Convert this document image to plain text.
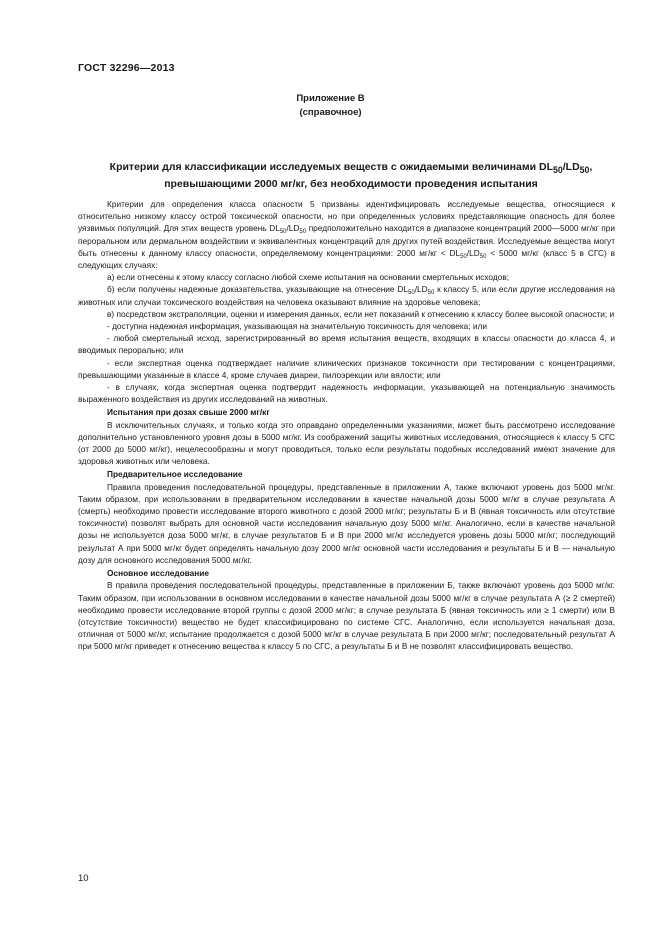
ГОСТ 32296—2013
Приложение В
(справочное)
Критерии для классификации исследуемых веществ с ожидаемыми величинами $DL_{50}/LD_{50}$, превышающими 2000 мг/кг, без необходимости проведения испытания

Критерии для определения класса опасности 5 призваны идентифицировать исследуемые вещества, относящиеся к относительно низкому классу острой токсической опасности, но при определенных условиях представляющие опасность для более уязвимых популяций. Для этих веществ уровень $DL_{50}/LD_{50}$ предположительно находится в диапазоне концентраций 2000—5000 мг/кг при пероральном или дермальном воздействии и эквивалентных концентраций для других путей воздействия. Исследуемые вещества могут быть отнесены к данному классу опасности, определяемому концентрациями: 2000 $мг/кг < DL_{50}/LD_{50} < 5000$ мг/кг (класс 5 в СГС) в следующих случаях:

а) если отнесены к этому классу согласно любой схеме испытания на основании смертельных исходов;

б) если получены надежные доказательства, указывающие на отнесение $DL_{50}/LD_{50}$ к классу 5, или если другие исследования на животных или случаи токсического воздействия на человека оказывают влияние на здоровье человека;

в) посредством экстраполяции, оценки и измерения данных, если нет показаний к отнесению к классу более высокой опасности; и

- доступна надежная информация, указывающая на значительную токсичность для человека; или

- любой смертельный исход, зарегистрированный во время испытания веществ, входящих в классы опасности до класса 4, и вводимых перорально; или

- если экспертная оценка подтверждает наличие клинических признаков токсичности при тестировании с концентрациями, превышающими указанные в классе 4, кроме случаев диареи, пилоэрекции или вялости; или

- в случаях, когда экспертная оценка подтвердит надежность информации, указывающей на потенциальную значимость выраженного воздействия из других исследований на животных.

Испытания при дозах свыше 2000 мг/кг

В исключительных случаях, и только когда это оправдано определенными указаниями, может быть рассмотрено исследование дополнительно установленного уровня дозы в 5000 мг/кг. Из соображений защиты животных исследования, относящиеся к классу 5 СГС (от 2000 до 5000 мг/кг), нецелесообразны и могут проводиться, только если результаты подобных исследований имеют значение для здоровья животных или человека.

Предварительное исследование

Правила проведения последовательной процедуры, представленные в приложении А, также включают уровень доз 5000 мг/кг. Таким образом, при использовании в предварительном исследовании в качестве начальной дозы 5000 мг/кг в случае результата А (смерть) необходимо провести исследование второго животного с дозой 2000 мг/кг; результаты Б и В (явная токсичность или отсутствие токсичности) позволят выбрать для основной части исследования начальную дозу 5000 мг/кг. Аналогично, если в качестве начальной дозы не используется доза 5000 мг/кг, в случае результатов Б и В при 2000 мг/кг исследуется уровень дозы 5000 мг/кг; последующий результат А при 5000 мг/кг будет определять начальную дозу 2000 мг/кг основной части исследования и результаты Б и В — начальную дозу для основного исследования 5000 мг/кг.

Основное исследование

В правила проведения последовательной процедуры, представленные в приложении Б, также включают уровень доз 5000 мг/кг. Таким образом, при использовании в основном исследовании в качестве начальной дозы 5000 мг/кг в случае результата А (≥ 2 смертей) необходимо провести исследование второй группы с дозой 2000 мг/кг; в случае результата Б (явная токсичность или ≥ 1 смерти) или В (отсутствие токсичности) вещество не будет классифицировано по системе СГС. Аналогично, если используется начальная доза, отличная от 5000 мг/кг, испытание продолжается с дозой 5000 мг/кг в случае результата Б при 2000 мг/кг; последовательный результат А при 5000 мг/кг приведет к отнесению вещества к классу 5 по СГС, а результаты Б и В не позволят классифицировать вещество.

10
